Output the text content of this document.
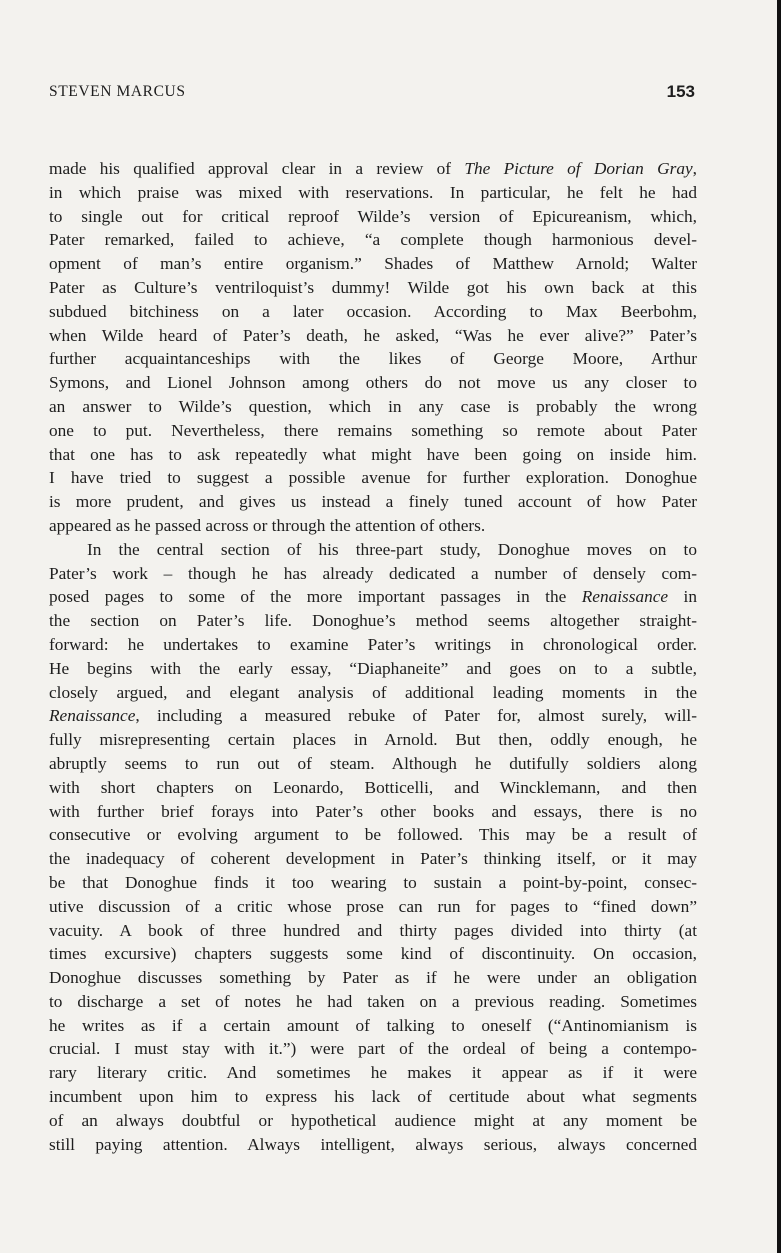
STEVEN MARCUS	153
made his qualified approval clear in a review of The Picture of Dorian Gray,
in which praise was mixed with reservations. In particular, he felt he had
to single out for critical reproof Wilde’s version of Epicureanism, which,
Pater remarked, failed to achieve, “a complete though harmonious devel-
opment of man’s entire organism.” Shades of Matthew Arnold; Walter
Pater as Culture’s ventriloquist’s dummy! Wilde got his own back at this
subdued bitchiness on a later occasion. According to Max Beerbohm,
when Wilde heard of Pater’s death, he asked, “Was he ever alive?” Pater’s
further acquaintanceships with the likes of George Moore, Arthur
Symons, and Lionel Johnson among others do not move us any closer to
an answer to Wilde’s question, which in any case is probably the wrong
one to put. Nevertheless, there remains something so remote about Pater
that one has to ask repeatedly what might have been going on inside him.
I have tried to suggest a possible avenue for further exploration. Donoghue
is more prudent, and gives us instead a finely tuned account of how Pater
appeared as he passed across or through the attention of others.
In the central section of his three-part study, Donoghue moves on to
Pater’s work – though he has already dedicated a number of densely com-
posed pages to some of the more important passages in the Renaissance in
the section on Pater’s life. Donoghue’s method seems altogether straight-
forward: he undertakes to examine Pater’s writings in chronological order.
He begins with the early essay, “Diaphaneite” and goes on to a subtle,
closely argued, and elegant analysis of additional leading moments in the
Renaissance, including a measured rebuke of Pater for, almost surely, will-
fully misrepresenting certain places in Arnold. But then, oddly enough, he
abruptly seems to run out of steam. Although he dutifully soldiers along
with short chapters on Leonardo, Botticelli, and Wincklemann, and then
with further brief forays into Pater’s other books and essays, there is no
consecutive or evolving argument to be followed. This may be a result of
the inadequacy of coherent development in Pater’s thinking itself, or it may
be that Donoghue finds it too wearing to sustain a point-by-point, consec-
utive discussion of a critic whose prose can run for pages to “fined down”
vacuity. A book of three hundred and thirty pages divided into thirty (at
times excursive) chapters suggests some kind of discontinuity. On occasion,
Donoghue discusses something by Pater as if he were under an obligation
to discharge a set of notes he had taken on a previous reading. Sometimes
he writes as if a certain amount of talking to oneself (“Antinomianism is
crucial. I must stay with it.”) were part of the ordeal of being a contempo-
rary literary critic. And sometimes he makes it appear as if it were
incumbent upon him to express his lack of certitude about what segments
of an always doubtful or hypothetical audience might at any moment be
still paying attention. Always intelligent, always serious, always concerned
